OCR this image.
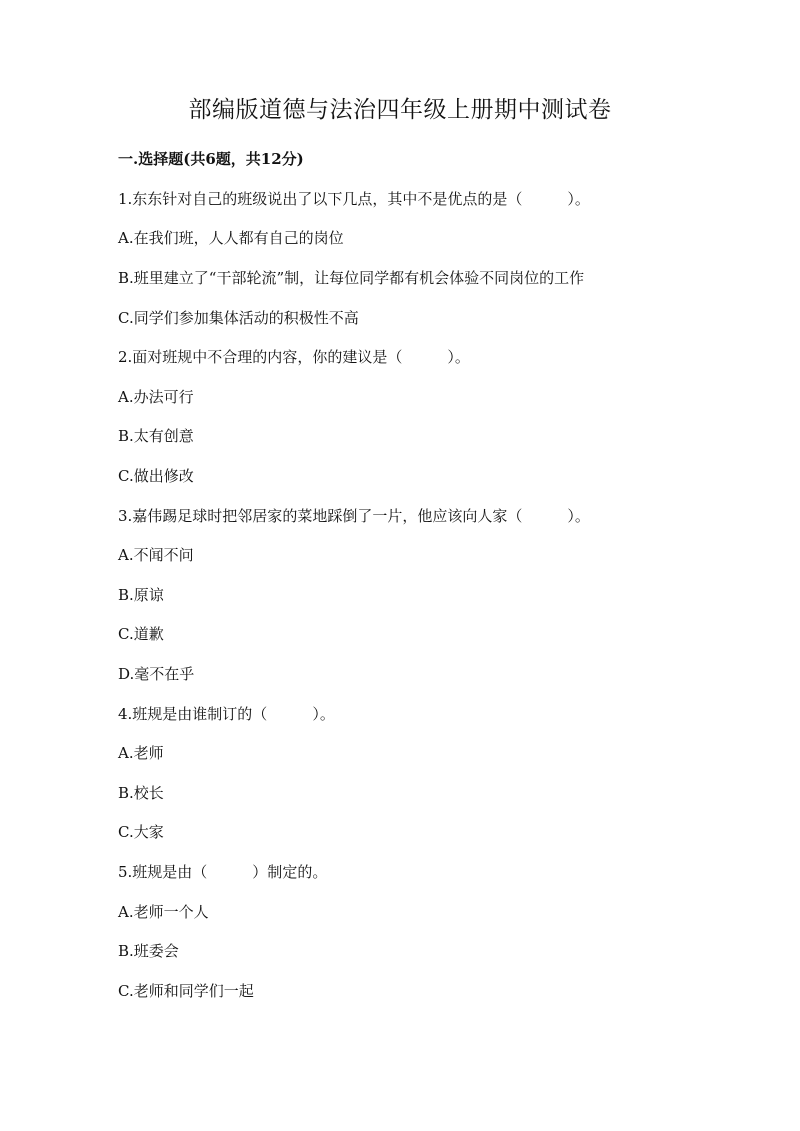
部编版道德与法治四年级上册期中测试卷
一.选择题(共6题，共12分)
1.东东针对自己的班级说出了以下几点，其中不是优点的是（　　　）。
A.在我们班，人人都有自己的岗位
B.班里建立了“干部轮流”制，让每位同学都有机会体验不同岗位的工作
C.同学们参加集体活动的积极性不高
2.面对班规中不合理的内容，你的建议是（　　　）。
A.办法可行
B.太有创意
C.做出修改
3.嘉伟踢足球时把邻居家的菜地踩倒了一片，他应该向人家（　　　）。
A.不闻不问
B.原谅
C.道歉
D.毫不在乎
4.班规是由谁制订的（　　　）。
A.老师
B.校长
C.大家
5.班规是由（　　　）制定的。
A.老师一个人
B.班委会
C.老师和同学们一起
